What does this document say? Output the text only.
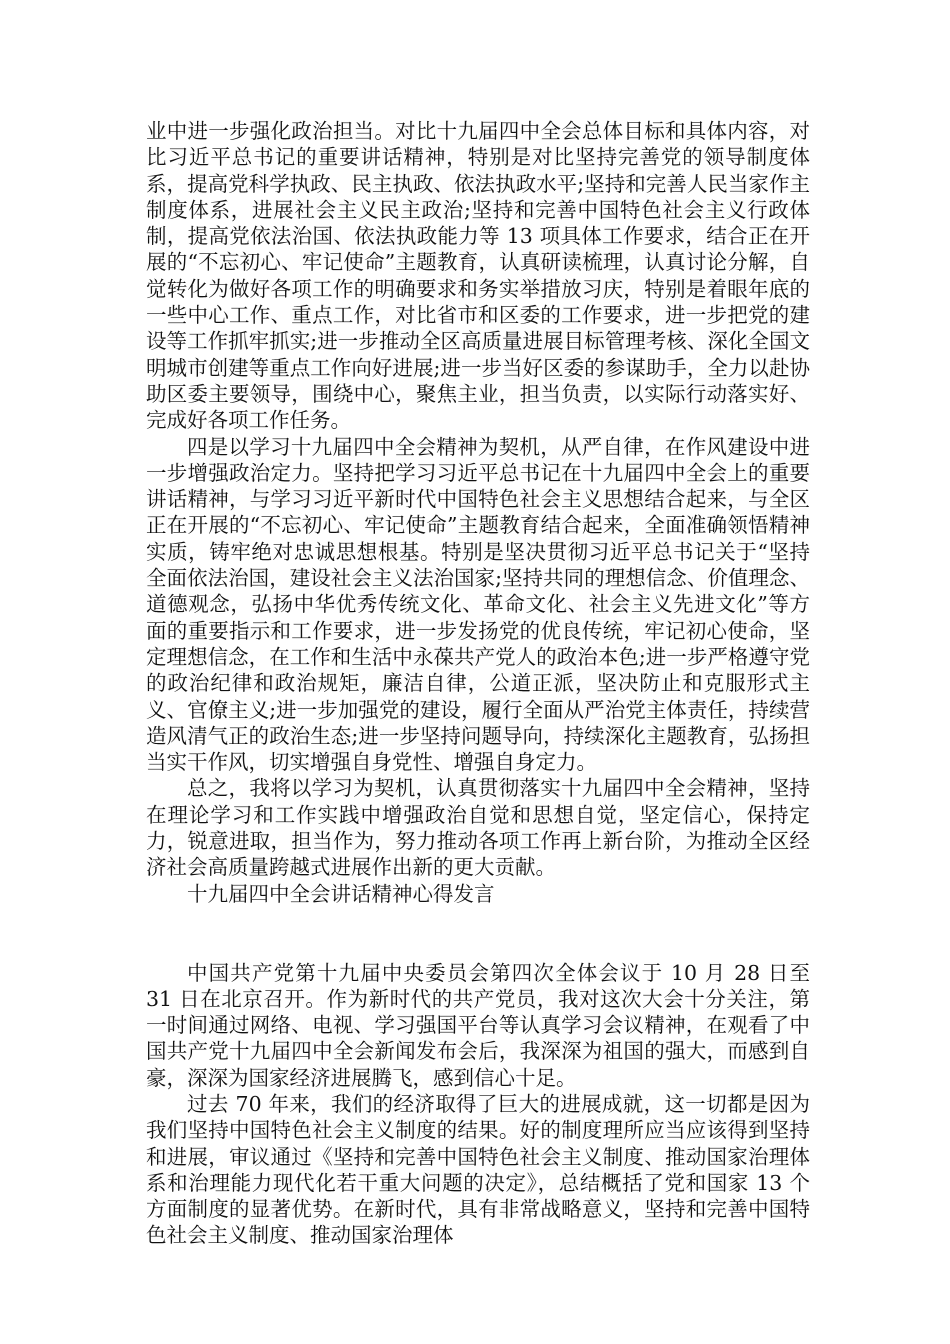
业中进一步强化政治担当。对比十九届四中全会总体目标和具体内容，对比习近平总书记的重要讲话精神，特别是对比坚持完善党的领导制度体系，提高党科学执政、民主执政、依法执政水平;坚持和完善人民当家作主制度体系，进展社会主义民主政治;坚持和完善中国特色社会主义行政体制，提高党依法治国、依法执政能力等 13 项具体工作要求，结合正在开展的“不忘初心、牢记使命”主题教育，认真研读梳理，认真讨论分解，自觉转化为做好各项工作的明确要求和务实举措放习庆，特别是着眼年底的一些中心工作、重点工作，对比省市和区委的工作要求，进一步把党的建设等工作抓牢抓实;进一步推动全区高质量进展目标管理考核、深化全国文明城市创建等重点工作向好进展;进一步当好区委的参谋助手，全力以赴协助区委主要领导，围绕中心，聚焦主业，担当负责，以实际行动落实好、完成好各项工作任务。

四是以学习十九届四中全会精神为契机，从严自律，在作风建设中进一步增强政治定力。坚持把学习习近平总书记在十九届四中全会上的重要讲话精神，与学习习近平新时代中国特色社会主义思想结合起来，与全区正在开展的“不忘初心、牢记使命”主题教育结合起来，全面准确领悟精神实质，铸牢绝对忠诚思想根基。特别是坚决贯彻习近平总书记关于“坚持全面依法治国，建设社会主义法治国家;坚持共同的理想信念、价值理念、道德观念，弘扬中华优秀传统文化、革命文化、社会主义先进文化”等方面的重要指示和工作要求，进一步发扬党的优良传统，牢记初心使命，坚定理想信念，在工作和生活中永葆共产党人的政治本色;进一步严格遵守党的政治纪律和政治规矩，廉洁自律，公道正派，坚决防止和克服形式主义、官僚主义;进一步加强党的建设，履行全面从严治党主体责任，持续营造风清气正的政治生态;进一步坚持问题导向，持续深化主题教育，弘扬担当实干作风，切实增强自身党性、增强自身定力。

总之，我将以学习为契机，认真贯彻落实十九届四中全会精神，坚持在理论学习和工作实践中增强政治自觉和思想自觉，坚定信心，保持定力，锐意进取，担当作为，努力推动各项工作再上新台阶，为推动全区经济社会高质量跨越式进展作出新的更大贡献。

十九届四中全会讲话精神心得发言

中国共产党第十九届中央委员会第四次全体会议于 10 月 28 日至 31 日在北京召开。作为新时代的共产党员，我对这次大会十分关注，第一时间通过网络、电视、学习强国平台等认真学习会议精神，在观看了中国共产党十九届四中全会新闻发布会后，我深深为祖国的强大，而感到自豪，深深为国家经济进展腾飞，感到信心十足。

过去 70 年来，我们的经济取得了巨大的进展成就，这一切都是因为我们坚持中国特色社会主义制度的结果。好的制度理所应当应该得到坚持和进展，审议通过《坚持和完善中国特色社会主义制度、推动国家治理体系和治理能力现代化若干重大问题的决定》，总结概括了党和国家 13 个方面制度的显著优势。在新时代，具有非常战略意义，坚持和完善中国特色社会主义制度、推动国家治理体
